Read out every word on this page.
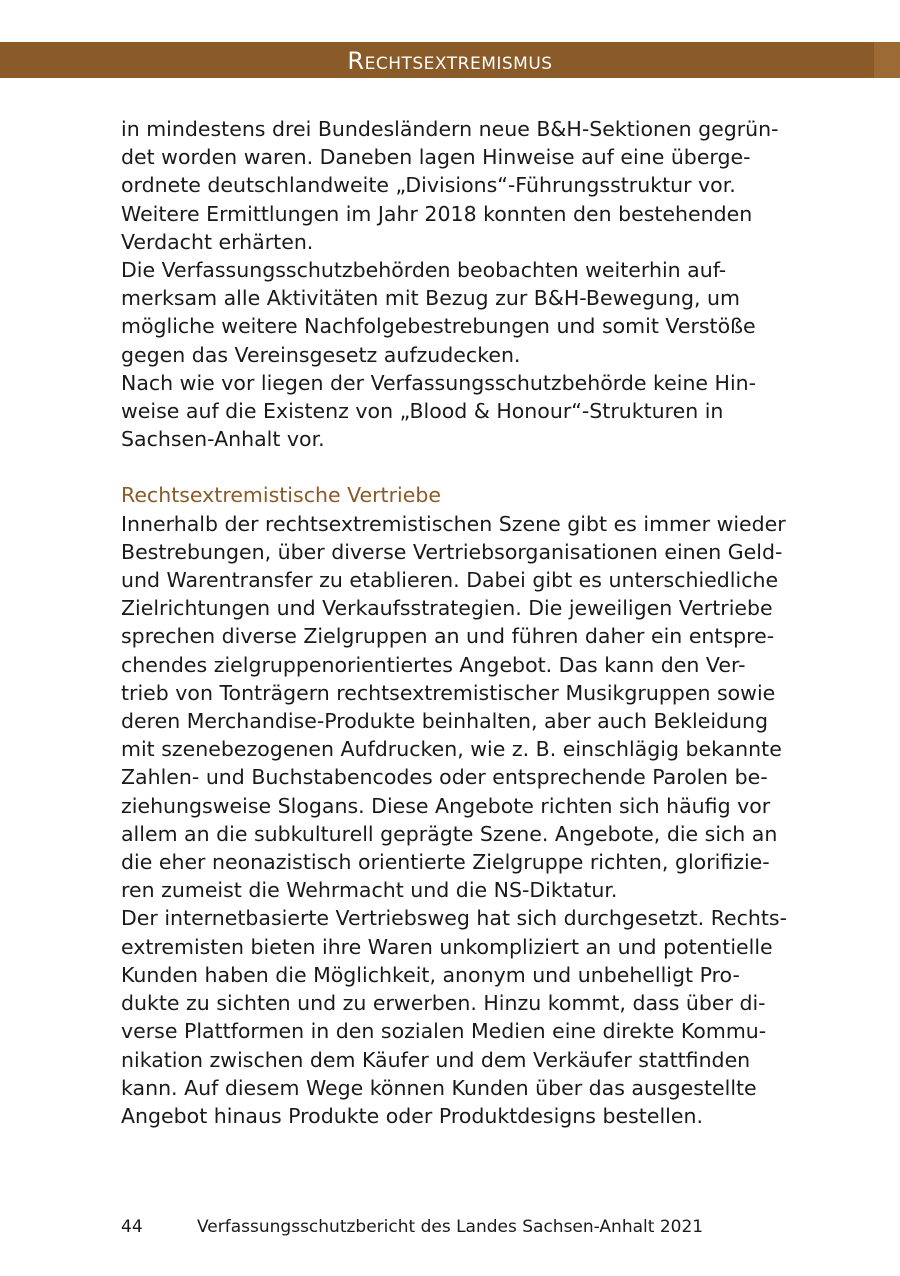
Rechtsextremismus

in mindestens drei Bundesländern neue B&H-Sektionen gegrün-

det worden waren. Daneben lagen Hinweise auf eine überge-

ordnete deutschlandweite „Divisions“-Führungsstruktur vor.

Weitere Ermittlungen im Jahr 2018 konnten den bestehenden

Verdacht erhärten.

Die Verfassungsschutzbehörden beobachten weiterhin auf-

merksam alle Aktivitäten mit Bezug zur B&H-Bewegung, um

mögliche weitere Nachfolgebestrebungen und somit Verstöße

gegen das Vereinsgesetz aufzudecken.

Nach wie vor liegen der Verfassungsschutzbehörde keine Hin-

weise auf die Existenz von „Blood & Honour“-Strukturen in

Sachsen-Anhalt vor.

Rechtsextremistische Vertriebe

Innerhalb der rechtsextremistischen Szene gibt es immer wieder

Bestrebungen, über diverse Vertriebsorganisationen einen Geld-

und Warentransfer zu etablieren. Dabei gibt es unterschiedliche

Zielrichtungen und Verkaufsstrategien. Die jeweiligen Vertriebe

sprechen diverse Zielgruppen an und führen daher ein entspre-

chendes zielgruppenorientiertes Angebot. Das kann den Ver-

trieb von Tonträgern rechtsextremistischer Musikgruppen sowie

deren Merchandise-Produkte beinhalten, aber auch Bekleidung

mit szenebezogenen Aufdrucken, wie z. B. einschlägig bekannte

Zahlen- und Buchstabencodes oder entsprechende Parolen be-

ziehungsweise Slogans. Diese Angebote richten sich häufig vor

allem an die subkulturell geprägte Szene. Angebote, die sich an

die eher neonazistisch orientierte Zielgruppe richten, glorifizie-

ren zumeist die Wehrmacht und die NS-Diktatur.

Der internetbasierte Vertriebsweg hat sich durchgesetzt. Rechts-

extremisten bieten ihre Waren unkompliziert an und potentielle

Kunden haben die Möglichkeit, anonym und unbehelligt Pro-

dukte zu sichten und zu erwerben. Hinzu kommt, dass über di-

verse Plattformen in den sozialen Medien eine direkte Kommu-

nikation zwischen dem Käufer und dem Verkäufer stattfinden

kann. Auf diesem Wege können Kunden über das ausgestellte

Angebot hinaus Produkte oder Produktdesigns bestellen.

44	Verfassungsschutzbericht des Landes Sachsen-Anhalt 2021
